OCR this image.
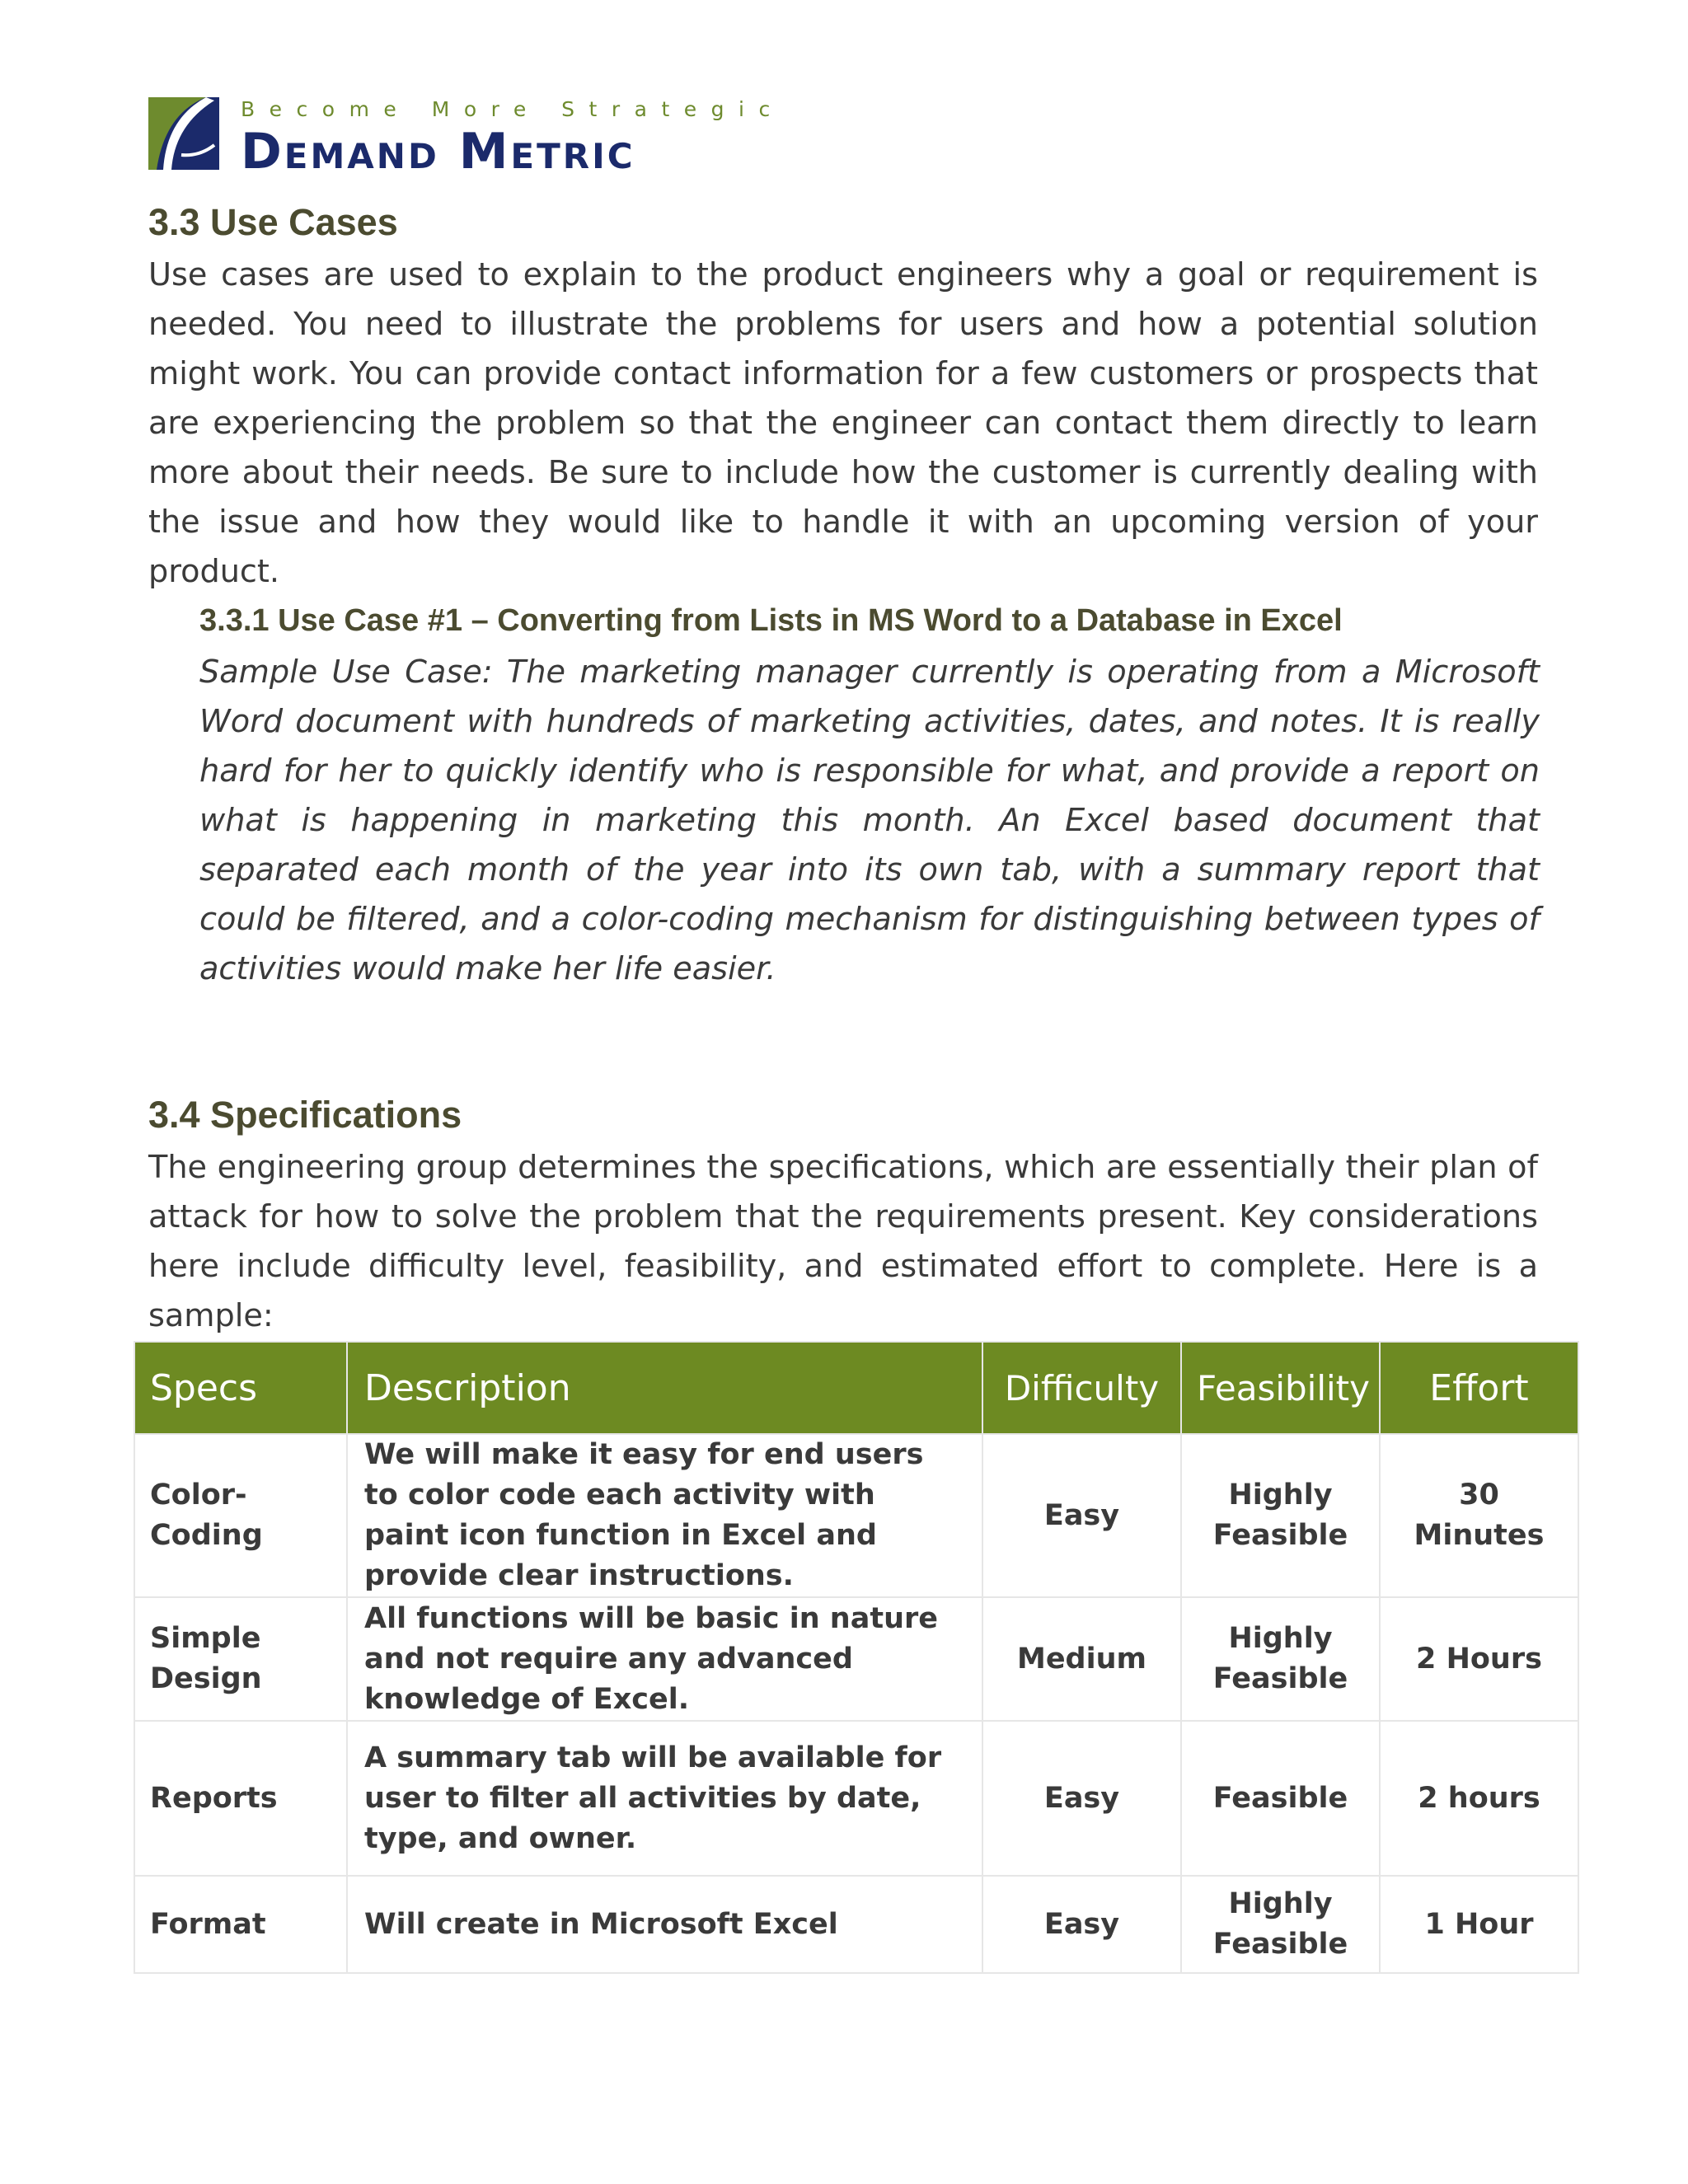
Become More Strategic
Demand Metric
3.3 Use Cases

Use cases are used to explain to the product engineers why a goal or requirement is needed. You need to illustrate the problems for users and how a potential solution might work. You can provide contact information for a few customers or prospects that are experiencing the problem so that the engineer can contact them directly to learn more about their needs. Be sure to include how the customer is currently dealing with the issue and how they would like to handle it with an upcoming version of your product.

3.3.1 Use Case #1 – Converting from Lists in MS Word to a Database in Excel

Sample Use Case: The marketing manager currently is operating from a Microsoft Word document with hundreds of marketing activities, dates, and notes. It is really hard for her to quickly identify who is responsible for what, and provide a report on what is happening in marketing this month. An Excel based document that separated each month of the year into its own tab, with a summary report that could be filtered, and a color-coding mechanism for distinguishing between types of activities would make her life easier.

3.4 Specifications

The engineering group determines the specifications, which are essentially their plan of attack for how to solve the problem that the requirements present. Key considerations here include difficulty level, feasibility, and estimated effort to complete. Here is a sample:

Specs	Description	Difficulty	Feasibility	Effort
Color-Coding	We will make it easy for end users to color code each activity with paint icon function in Excel and provide clear instructions.	Easy	Highly Feasible	30 Minutes
Simple Design	All functions will be basic in nature and not require any advanced knowledge of Excel.	Medium	Highly Feasible	2 Hours
Reports	A summary tab will be available for user to filter all activities by date, type, and owner.	Easy	Feasible	2 hours
Format	Will create in Microsoft Excel	Easy	Highly Feasible	1 Hour
